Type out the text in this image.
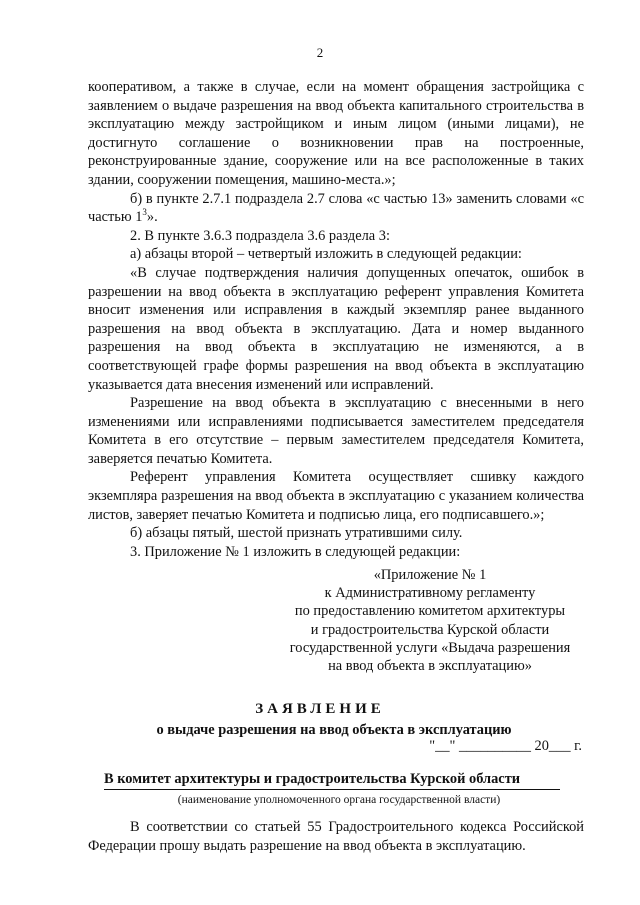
2

кооперативом, а также в случае, если на момент обращения застройщика с заявлением о выдаче разрешения на ввод объекта капитального строительства в эксплуатацию между застройщиком и иным лицом (иными лицами), не достигнуто соглашение о возникновении прав на построенные, реконструированные здание, сооружение или на все расположенные в таких здании, сооружении помещения, машино-места.»;

б) в пункте 2.7.1 подраздела 2.7 слова «с частью 13» заменить словами «с частью $1^3$».

2. В пункте 3.6.3 подраздела 3.6 раздела 3:

а) абзацы второй – четвертый изложить в следующей редакции:

«В случае подтверждения наличия допущенных опечаток, ошибок в разрешении на ввод объекта в эксплуатацию референт управления Комитета вносит изменения или исправления в каждый экземпляр ранее выданного разрешения на ввод объекта в эксплуатацию. Дата и номер выданного разрешения на ввод объекта в эксплуатацию не изменяются, а в соответствующей графе формы разрешения на ввод объекта в эксплуатацию указывается дата внесения изменений или исправлений.

Разрешение на ввод объекта в эксплуатацию с внесенными в него изменениями или исправлениями подписывается заместителем председателя Комитета в его отсутствие – первым заместителем председателя Комитета, заверяется печатью Комитета.

Референт управления Комитета осуществляет сшивку каждого экземпляра разрешения на ввод объекта в эксплуатацию с указанием количества листов, заверяет печатью Комитета и подписью лица, его подписавшего.»;

б) абзацы пятый, шестой признать утратившими силу.

3. Приложение № 1 изложить в следующей редакции:

«Приложение № 1
к Административному регламенту
по предоставлению комитетом архитектуры
и градостроительства Курской области
государственной услуги «Выдача разрешения
на ввод объекта в эксплуатацию»
ЗАЯВЛЕНИЕ
о выдаче разрешения на ввод объекта в эксплуатацию
"__" __________ 20___ г.
В комитет архитектуры и градостроительства Курской области
(наименование уполномоченного органа государственной власти)

В соответствии со статьей 55 Градостроительного кодекса Российской Федерации прошу выдать разрешение на ввод объекта в эксплуатацию.
